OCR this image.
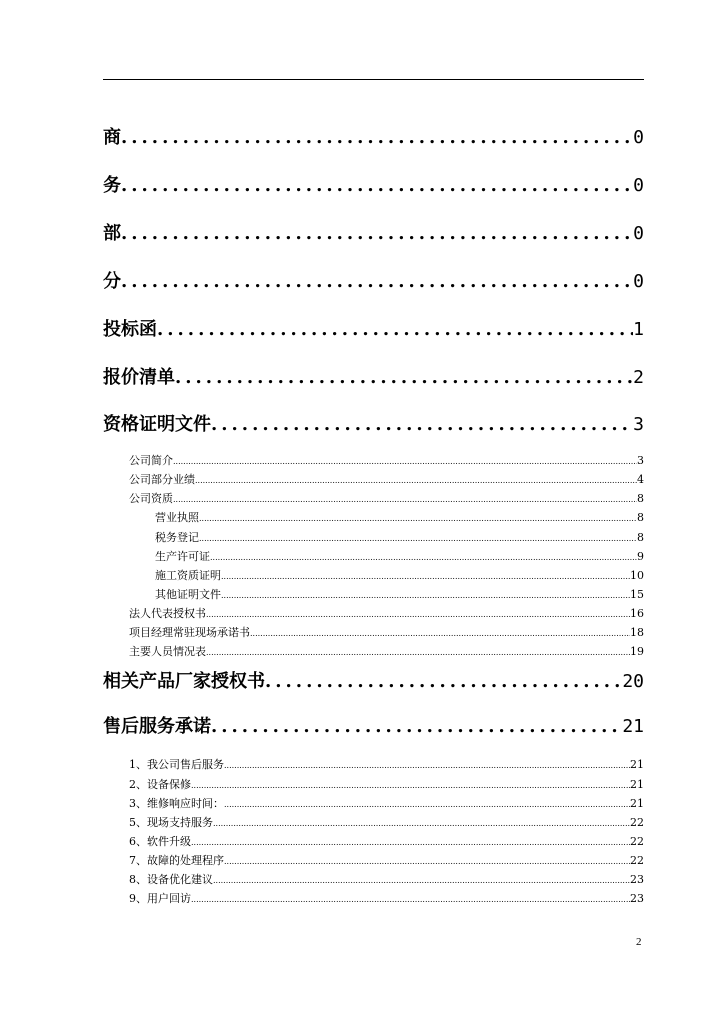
商 .....	0
务 .....	0
部 .....	0
分 .....	0
投标函 .....	1
报价清单 .....	2
资格证明文件 .....	3
公司简介 .....	3
公司部分业绩 .....	4
公司资质 .....	8
营业执照 .....	8
税务登记 .....	8
生产许可证 .....	9
施工资质证明 .....	10
其他证明文件 .....	15
法人代表授权书 .....	16
项目经理常驻现场承诺书 .....	18
主要人员情况表 .....	19
相关产品厂家授权书 .....	20
售后服务承诺 .....	21
1、我公司售后服务 .....	21
2、设备保修 .....	21
3、维修响应时间： .....	21
5、现场支持服务 .....	22
6、软件升级 .....	22
7、故障的处理程序 .....	22
8、设备优化建议 .....	23
9、用户回访 .....	23
2
